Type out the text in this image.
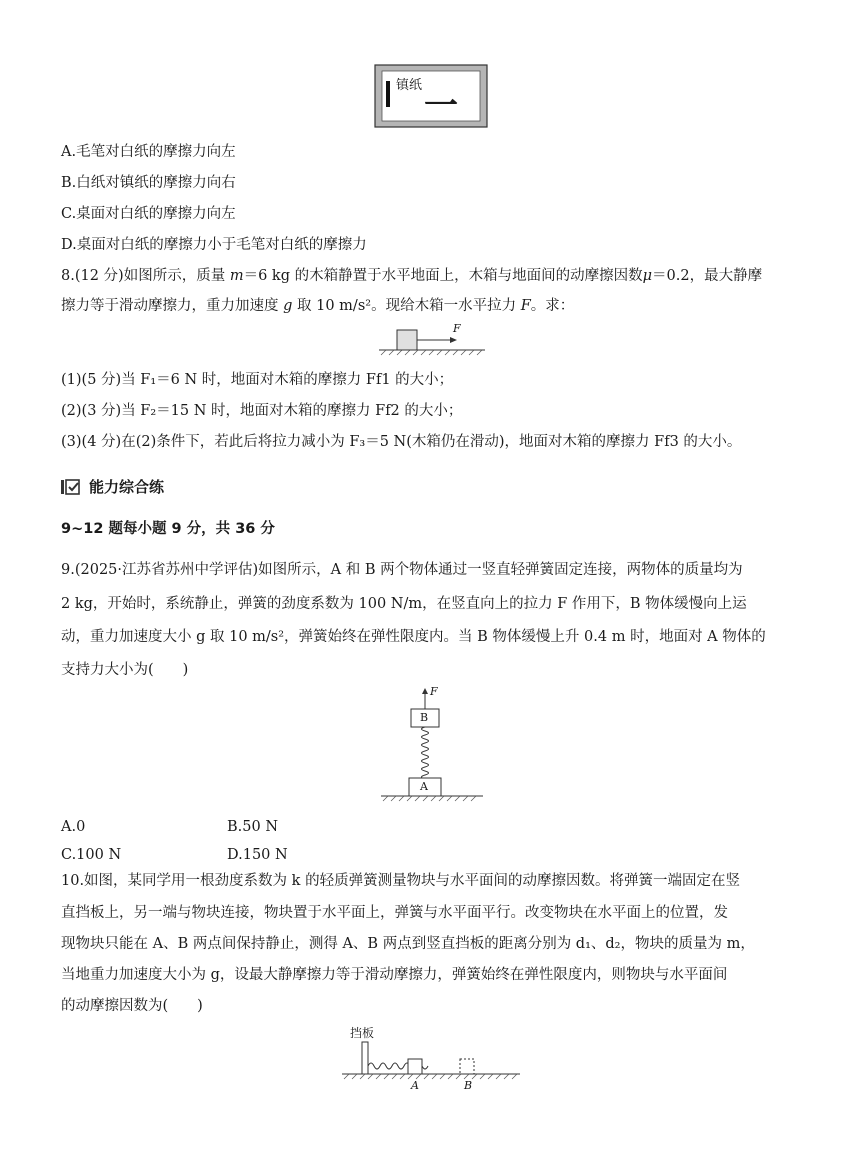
镇纸
一
A.毛笔对白纸的摩擦力向左
B.白纸对镇纸的摩擦力向右
C.桌面对白纸的摩擦力向左
D.桌面对白纸的摩擦力小于毛笔对白纸的摩擦力
8.(12 分)如图所示，质量 m＝6 kg 的木箱静置于水平地面上，木箱与地面间的动摩擦因数μ＝0.2，最大静摩
擦力等于滑动摩擦力，重力加速度 g 取 10 m/s²。现给木箱一水平拉力 F。求：
F
(1)(5 分)当 F₁＝6 N 时，地面对木箱的摩擦力 Ff1 的大小；
(2)(3 分)当 F₂＝15 N 时，地面对木箱的摩擦力 Ff2 的大小；
(3)(4 分)在(2)条件下，若此后将拉力减小为 F₃＝5 N(木箱仍在滑动)，地面对木箱的摩擦力 Ff3 的大小。
能力综合练
9~12 题每小题 9 分，共 36 分
9.(2025·江苏省苏州中学评估)如图所示，A 和 B 两个物体通过一竖直轻弹簧固定连接，两物体的质量均为
2 kg，开始时，系统静止，弹簧的劲度系数为 100 N/m，在竖直向上的拉力 F 作用下，B 物体缓慢向上运
动，重力加速度大小 g 取 10 m/s²，弹簧始终在弹性限度内。当 B 物体缓慢上升 0.4 m 时，地面对 A 物体的
支持力大小为(　　)
F
B
A
A.0	B.50 N
C.100 N	D.150 N
10.如图，某同学用一根劲度系数为 k 的轻质弹簧测量物块与水平面间的动摩擦因数。将弹簧一端固定在竖
直挡板上，另一端与物块连接，物块置于水平面上，弹簧与水平面平行。改变物块在水平面上的位置，发
现物块只能在 A、B 两点间保持静止，测得 A、B 两点到竖直挡板的距离分别为 d₁、d₂，物块的质量为 m，
当地重力加速度大小为 g，设最大静摩擦力等于滑动摩擦力，弹簧始终在弹性限度内，则物块与水平面间
的动摩擦因数为(　　)
挡板
A	B
